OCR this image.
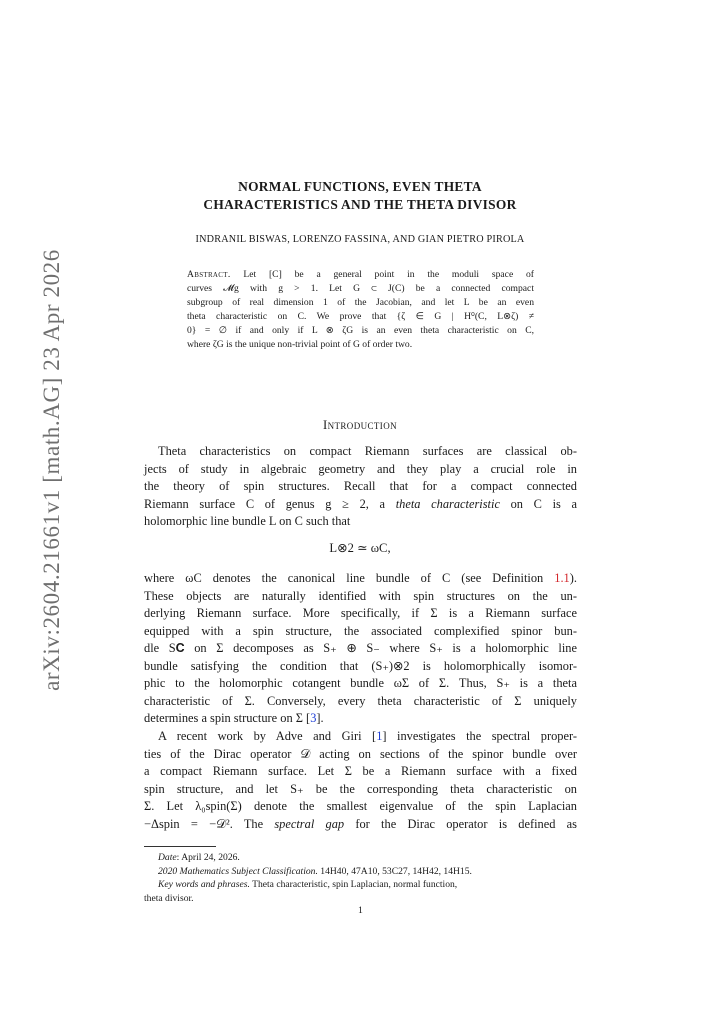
arXiv:2604.21661v1 [math.AG] 23 Apr 2026
NORMAL FUNCTIONS, EVEN THETA
CHARACTERISTICS AND THE THETA DIVISOR
INDRANIL BISWAS, LORENZO FASSINA, AND GIAN PIETRO PIROLA
Abstract. Let [C] be a general point in the moduli space of
curves 𝓜g with g > 1. Let G ⊂ J(C) be a connected compact
subgroup of real dimension 1 of the Jacobian, and let L be an even
theta characteristic on C. We prove that {ζ ∈ G | H⁰(C, L⊗ζ) ≠
0} = ∅ if and only if L ⊗ ζG is an even theta characteristic on C,
where ζG is the unique non-trivial point of G of order two.
Introduction
Theta characteristics on compact Riemann surfaces are classical ob-
jects of study in algebraic geometry and they play a crucial role in
the theory of spin structures. Recall that for a compact connected
Riemann surface C of genus g ≥ 2, a theta characteristic on C is a
holomorphic line bundle L on C such that
L⊗2 ≃ ωC,
where ωC denotes the canonical line bundle of C (see Definition 1.1).
These objects are naturally identified with spin structures on the un-
derlying Riemann surface. More specifically, if Σ is a Riemann surface
equipped with a spin structure, the associated complexified spinor bun-
dle S𝐂 on Σ decomposes as S₊ ⊕ S₋ where S₊ is a holomorphic line
bundle satisfying the condition that (S₊)⊗2 is holomorphically isomor-
phic to the holomorphic cotangent bundle ωΣ of Σ. Thus, S₊ is a theta
characteristic of Σ. Conversely, every theta characteristic of Σ uniquely
determines a spin structure on Σ [3].
A recent work by Adve and Giri [1] investigates the spectral proper-
ties of the Dirac operator 𝒟 acting on sections of the spinor bundle over
a compact Riemann surface. Let Σ be a Riemann surface with a fixed
spin structure, and let S₊ be the corresponding theta characteristic on
Σ. Let λ₀spin(Σ) denote the smallest eigenvalue of the spin Laplacian
−Δspin = −𝒟². The spectral gap for the Dirac operator is defined as
Date: April 24, 2026.
2020 Mathematics Subject Classification. 14H40, 47A10, 53C27, 14H42, 14H15.
Key words and phrases. Theta characteristic, spin Laplacian, normal function,
theta divisor.
1
